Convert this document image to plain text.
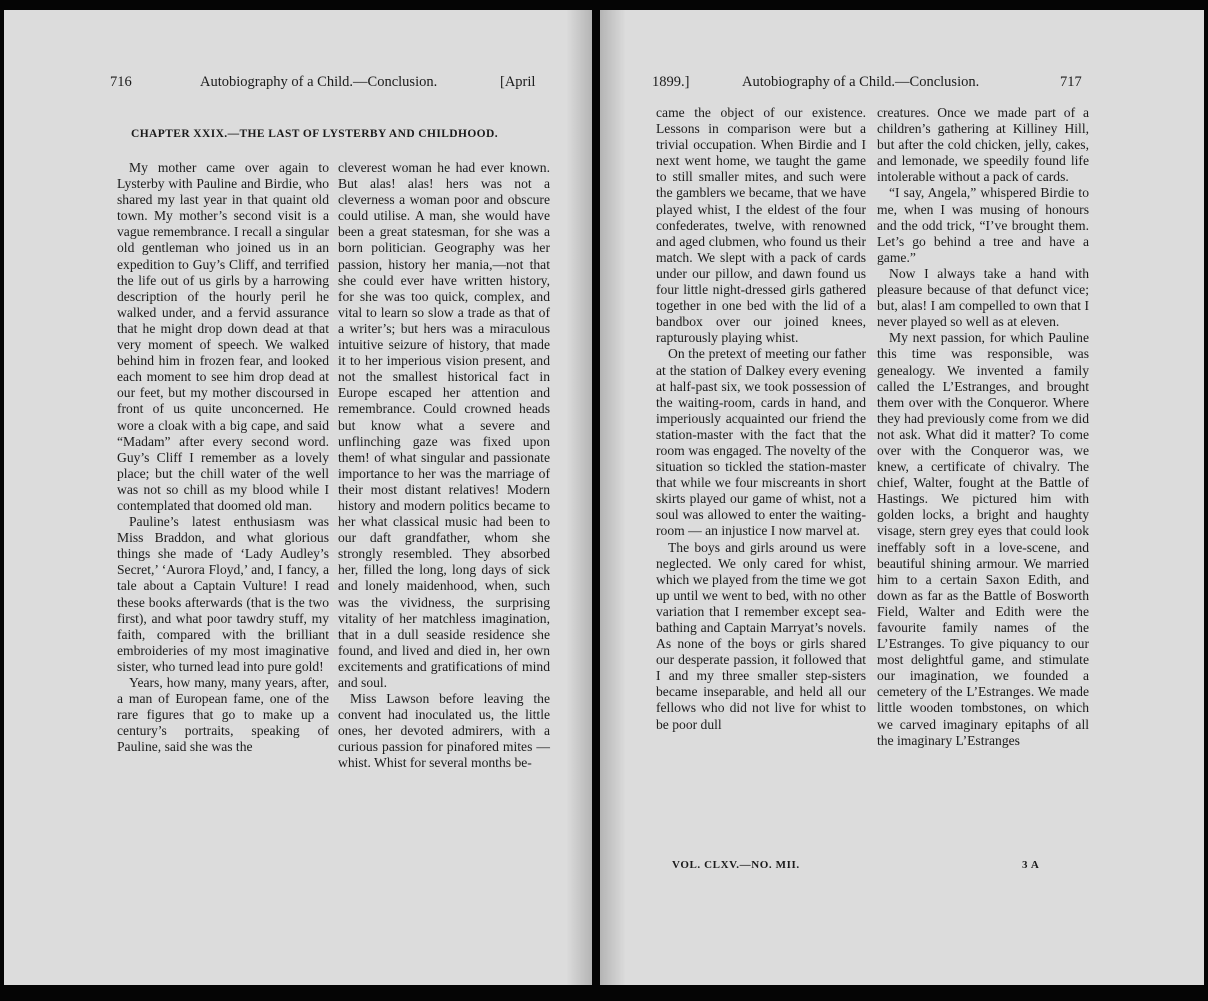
716	Autobiography of a Child.—Conclusion.	[April
CHAPTER XXIX.—THE LAST OF LYSTERBY AND CHILDHOOD.

My mother came over again to Lysterby with Pauline and Birdie, who shared my last year in that quaint old town. My mother’s second visit is a vague remembrance. I recall a singular old gentleman who joined us in an expedition to Guy’s Cliff, and terrified the life out of us girls by a harrowing description of the hourly peril he walked under, and a fervid assurance that he might drop down dead at that very moment of speech. We walked behind him in frozen fear, and looked each moment to see him drop dead at our feet, but my mother discoursed in front of us quite unconcerned. He wore a cloak with a big cape, and said “Madam” after every second word. Guy’s Cliff I remember as a lovely place; but the chill water of the well was not so chill as my blood while I contemplated that doomed old man.

Pauline’s latest enthusiasm was Miss Braddon, and what glorious things she made of ‘Lady Audley’s Secret,’ ‘Aurora Floyd,’ and, I fancy, a tale about a Captain Vulture! I read these books afterwards (that is the two first), and what poor tawdry stuff, my faith, compared with the brilliant embroideries of my most imaginative sister, who turned lead into pure gold!

Years, how many, many years, after, a man of European fame, one of the rare figures that go to make up a century’s portraits, speaking of Pauline, said she was the

cleverest woman he had ever known. But alas! alas! hers was not a cleverness a woman poor and obscure could utilise. A man, she would have been a great statesman, for she was a born politician. Geography was her passion, history her mania,—not that she could ever have written history, for she was too quick, complex, and vital to learn so slow a trade as that of a writer’s; but hers was a miraculous intuitive seizure of history, that made it to her imperious vision present, and not the smallest historical fact in Europe escaped her attention and remembrance. Could crowned heads but know what a severe and unflinching gaze was fixed upon them! of what singular and passionate importance to her was the marriage of their most distant relatives! Modern history and modern politics became to her what classical music had been to our daft grandfather, whom she strongly resembled. They absorbed her, filled the long, long days of sick and lonely maidenhood, when, such was the vividness, the surprising vitality of her matchless imagination, that in a dull seaside residence she found, and lived and died in, her own excitements and gratifications of mind and soul.

Miss Lawson before leaving the convent had inoculated us, the little ones, her devoted admirers, with a curious passion for pinafored mites — whist. Whist for several months be-

1899.]	Autobiography of a Child.—Conclusion.	717

came the object of our existence. Lessons in comparison were but a trivial occupation. When Birdie and I next went home, we taught the game to still smaller mites, and such were the gamblers we became, that we have played whist, I the eldest of the four confederates, twelve, with renowned and aged clubmen, who found us their match. We slept with a pack of cards under our pillow, and dawn found us four little night-dressed girls gathered together in one bed with the lid of a bandbox over our joined knees, rapturously playing whist.

On the pretext of meeting our father at the station of Dalkey every evening at half-past six, we took possession of the waiting-room, cards in hand, and imperiously acquainted our friend the station-master with the fact that the room was engaged. The novelty of the situation so tickled the station-master that while we four miscreants in short skirts played our game of whist, not a soul was allowed to enter the waiting-room — an injustice I now marvel at.

The boys and girls around us were neglected. We only cared for whist, which we played from the time we got up until we went to bed, with no other variation that I remember except sea-bathing and Captain Marryat’s novels. As none of the boys or girls shared our desperate passion, it followed that I and my three smaller step-sisters became inseparable, and held all our fellows who did not live for whist to be poor dull

creatures. Once we made part of a children’s gathering at Killiney Hill, but after the cold chicken, jelly, cakes, and lemonade, we speedily found life intolerable without a pack of cards.

“I say, Angela,” whispered Birdie to me, when I was musing of honours and the odd trick, “I’ve brought them. Let’s go behind a tree and have a game.”

Now I always take a hand with pleasure because of that defunct vice; but, alas! I am compelled to own that I never played so well as at eleven.

My next passion, for which Pauline this time was responsible, was genealogy. We invented a family called the L’Estranges, and brought them over with the Conqueror. Where they had previously come from we did not ask. What did it matter? To come over with the Conqueror was, we knew, a certificate of chivalry. The chief, Walter, fought at the Battle of Hastings. We pictured him with golden locks, a bright and haughty visage, stern grey eyes that could look ineffably soft in a love-scene, and beautiful shining armour. We married him to a certain Saxon Edith, and down as far as the Battle of Bosworth Field, Walter and Edith were the favourite family names of the L’Estranges. To give piquancy to our most delightful game, and stimulate our imagination, we founded a cemetery of the L’Estranges. We made little wooden tombstones, on which we carved imaginary epitaphs of all the imaginary L’Estranges

VOL. CLXV.—NO. MII.	3 A
